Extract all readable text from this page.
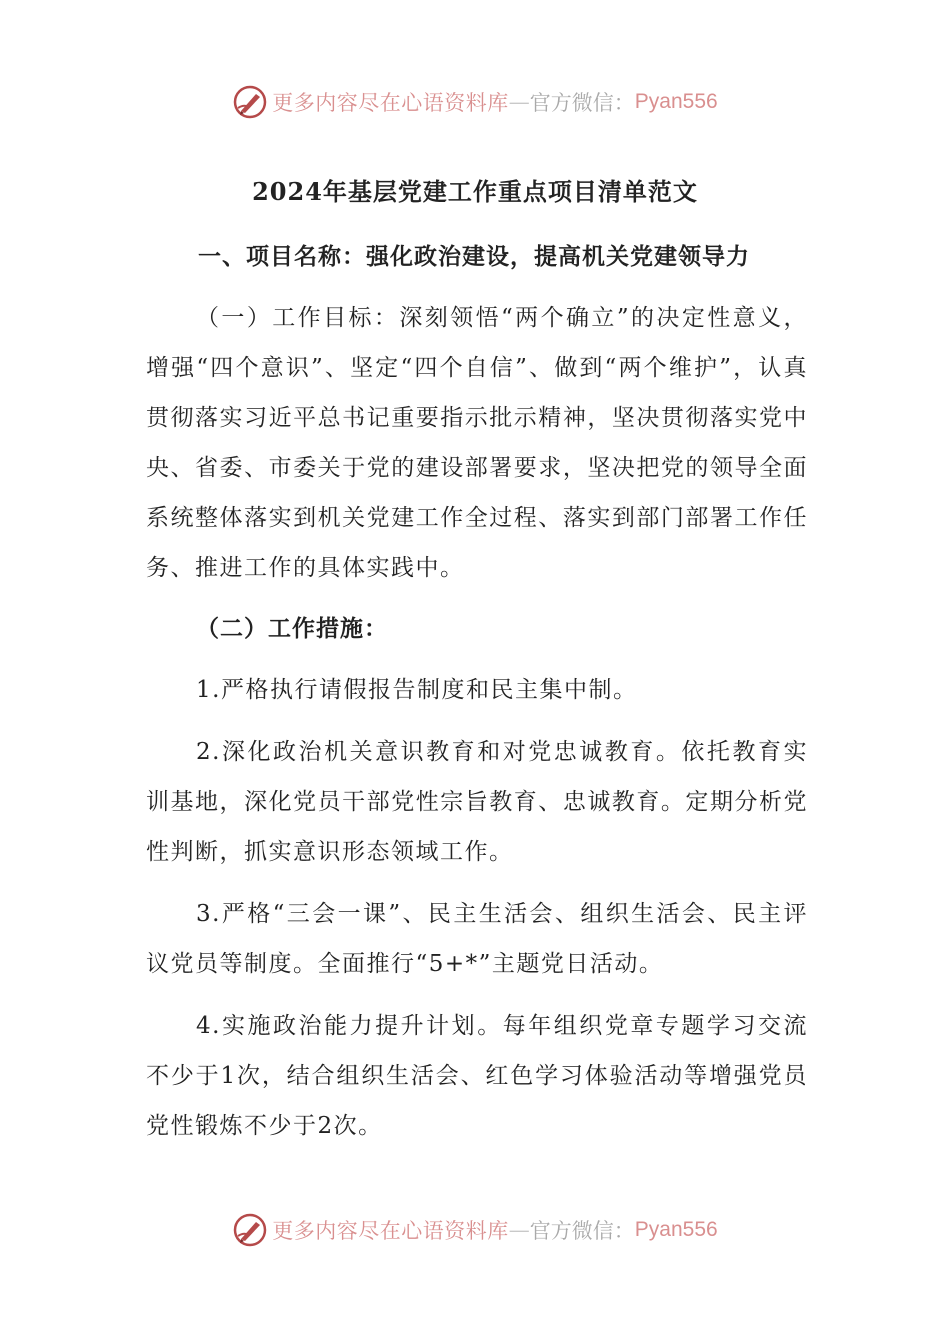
更多内容尽在心语资料库 — 官方微信： Pyan556
2024年基层党建工作重点项目清单范文
一、项目名称：强化政治建设，提高机关党建领导力
（一）工作目标：深刻领悟“两个确立”的决定性意义，增强“四个意识”、坚定“四个自信”、做到“两个维护”，认真贯彻落实习近平总书记重要指示批示精神，坚决贯彻落实党中央、省委、市委关于党的建设部署要求，坚决把党的领导全面系统整体落实到机关党建工作全过程、落实到部门部署工作任务、推进工作的具体实践中。
（二）工作措施：
1.严格执行请假报告制度和民主集中制。
2.深化政治机关意识教育和对党忠诚教育。依托教育实训基地，深化党员干部党性宗旨教育、忠诚教育。定期分析党性判断，抓实意识形态领域工作。
3.严格“三会一课”、民主生活会、组织生活会、民主评议党员等制度。全面推行“5+*”主题党日活动。
4.实施政治能力提升计划。每年组织党章专题学习交流不少于1次，结合组织生活会、红色学习体验活动等增强党员党性锻炼不少于2次。
更多内容尽在心语资料库 — 官方微信： Pyan556
